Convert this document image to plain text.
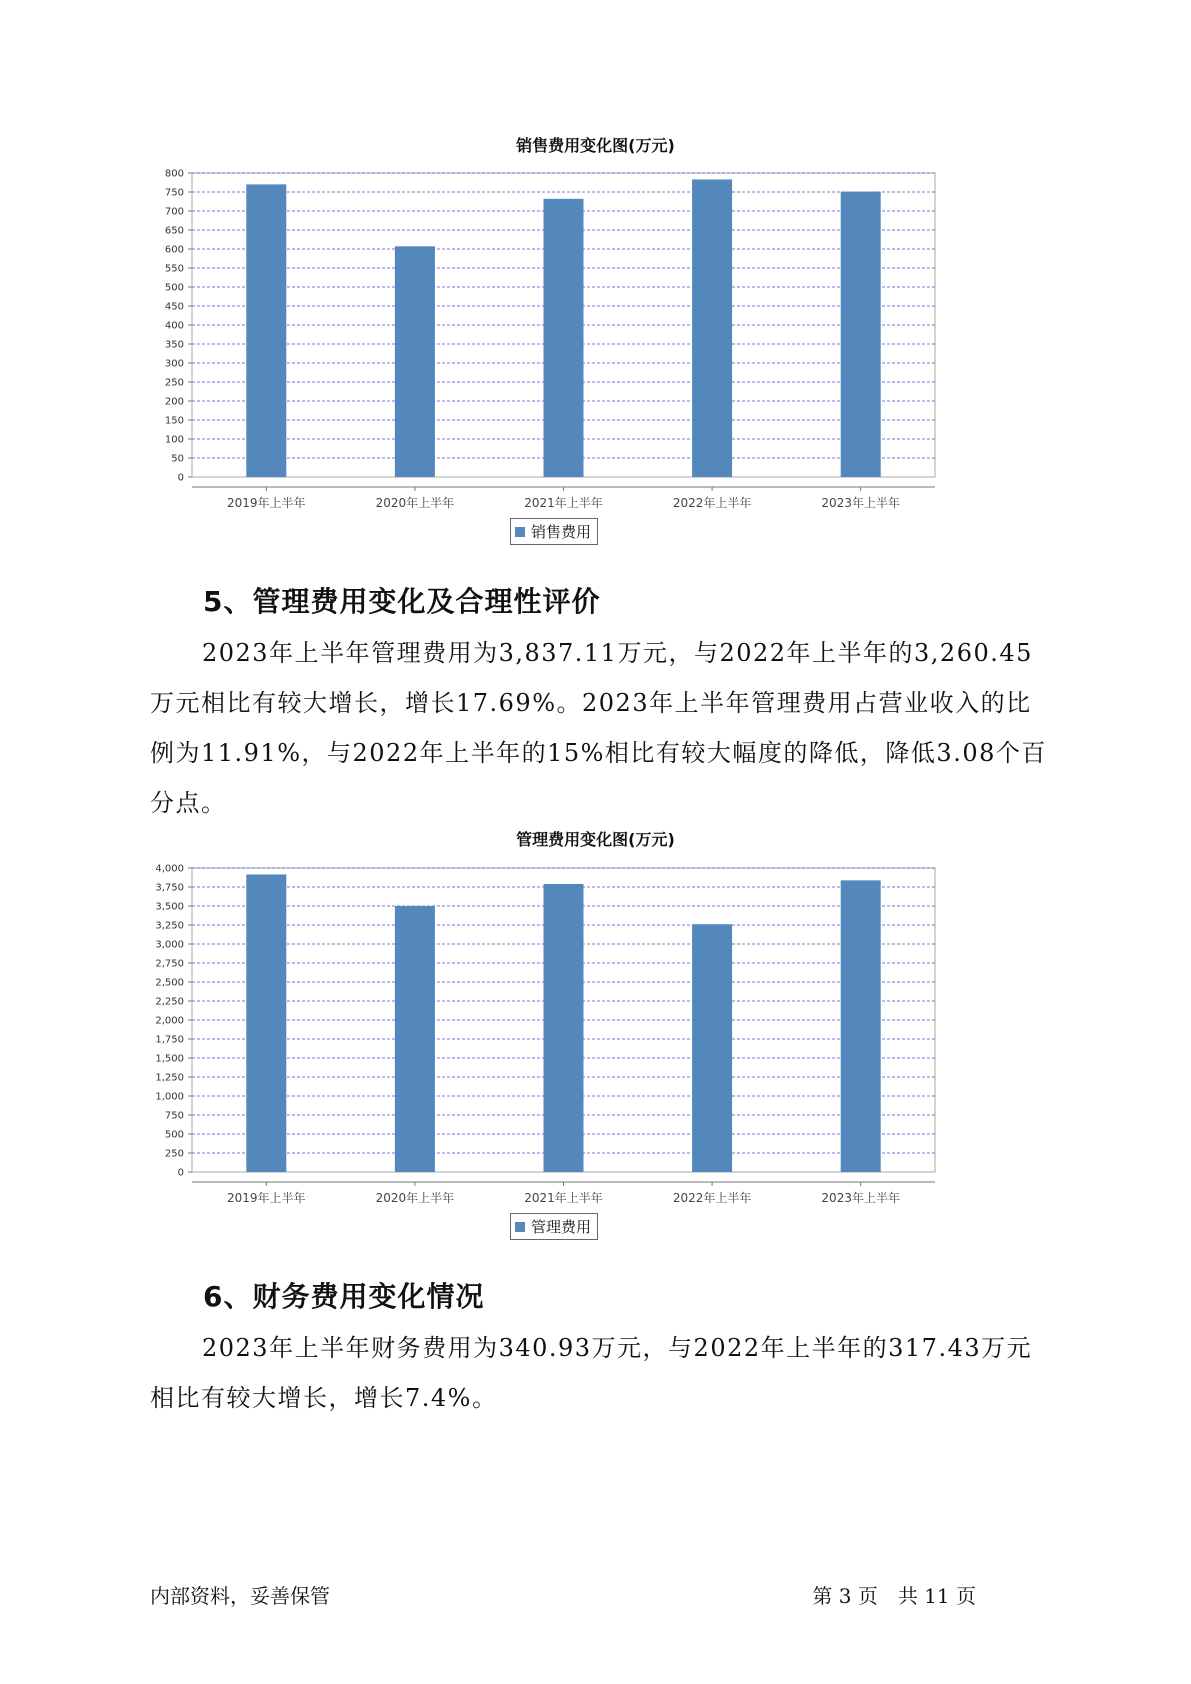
销售费用变化图(万元)
0
50
100
150
200
250
300
350
400
450
500
550
600
650
700
750
800
2019年上半年	2020年上半年	2021年上半年	2022年上半年	2023年上半年
销售费用
5、管理费用变化及合理性评价

2023年上半年管理费用为3,837.11万元，与2022年上半年的3,260.45万元相比有较大增长，增长17.69%。2023年上半年管理费用占营业收入的比例为11.91%，与2022年上半年的15%相比有较大幅度的降低，降低3.08个百分点。

管理费用变化图(万元)
0
250
500
750
1,000
1,250
1,500
1,750
2,000
2,250
2,500
2,750
3,000
3,250
3,500
3,750
4,000
2019年上半年	2020年上半年	2021年上半年	2022年上半年	2023年上半年
管理费用
6、财务费用变化情况

2023年上半年财务费用为340.93万元，与2022年上半年的317.43万元相比有较大增长，增长7.4%。

内部资料，妥善保管	第 3 页　共 11 页
